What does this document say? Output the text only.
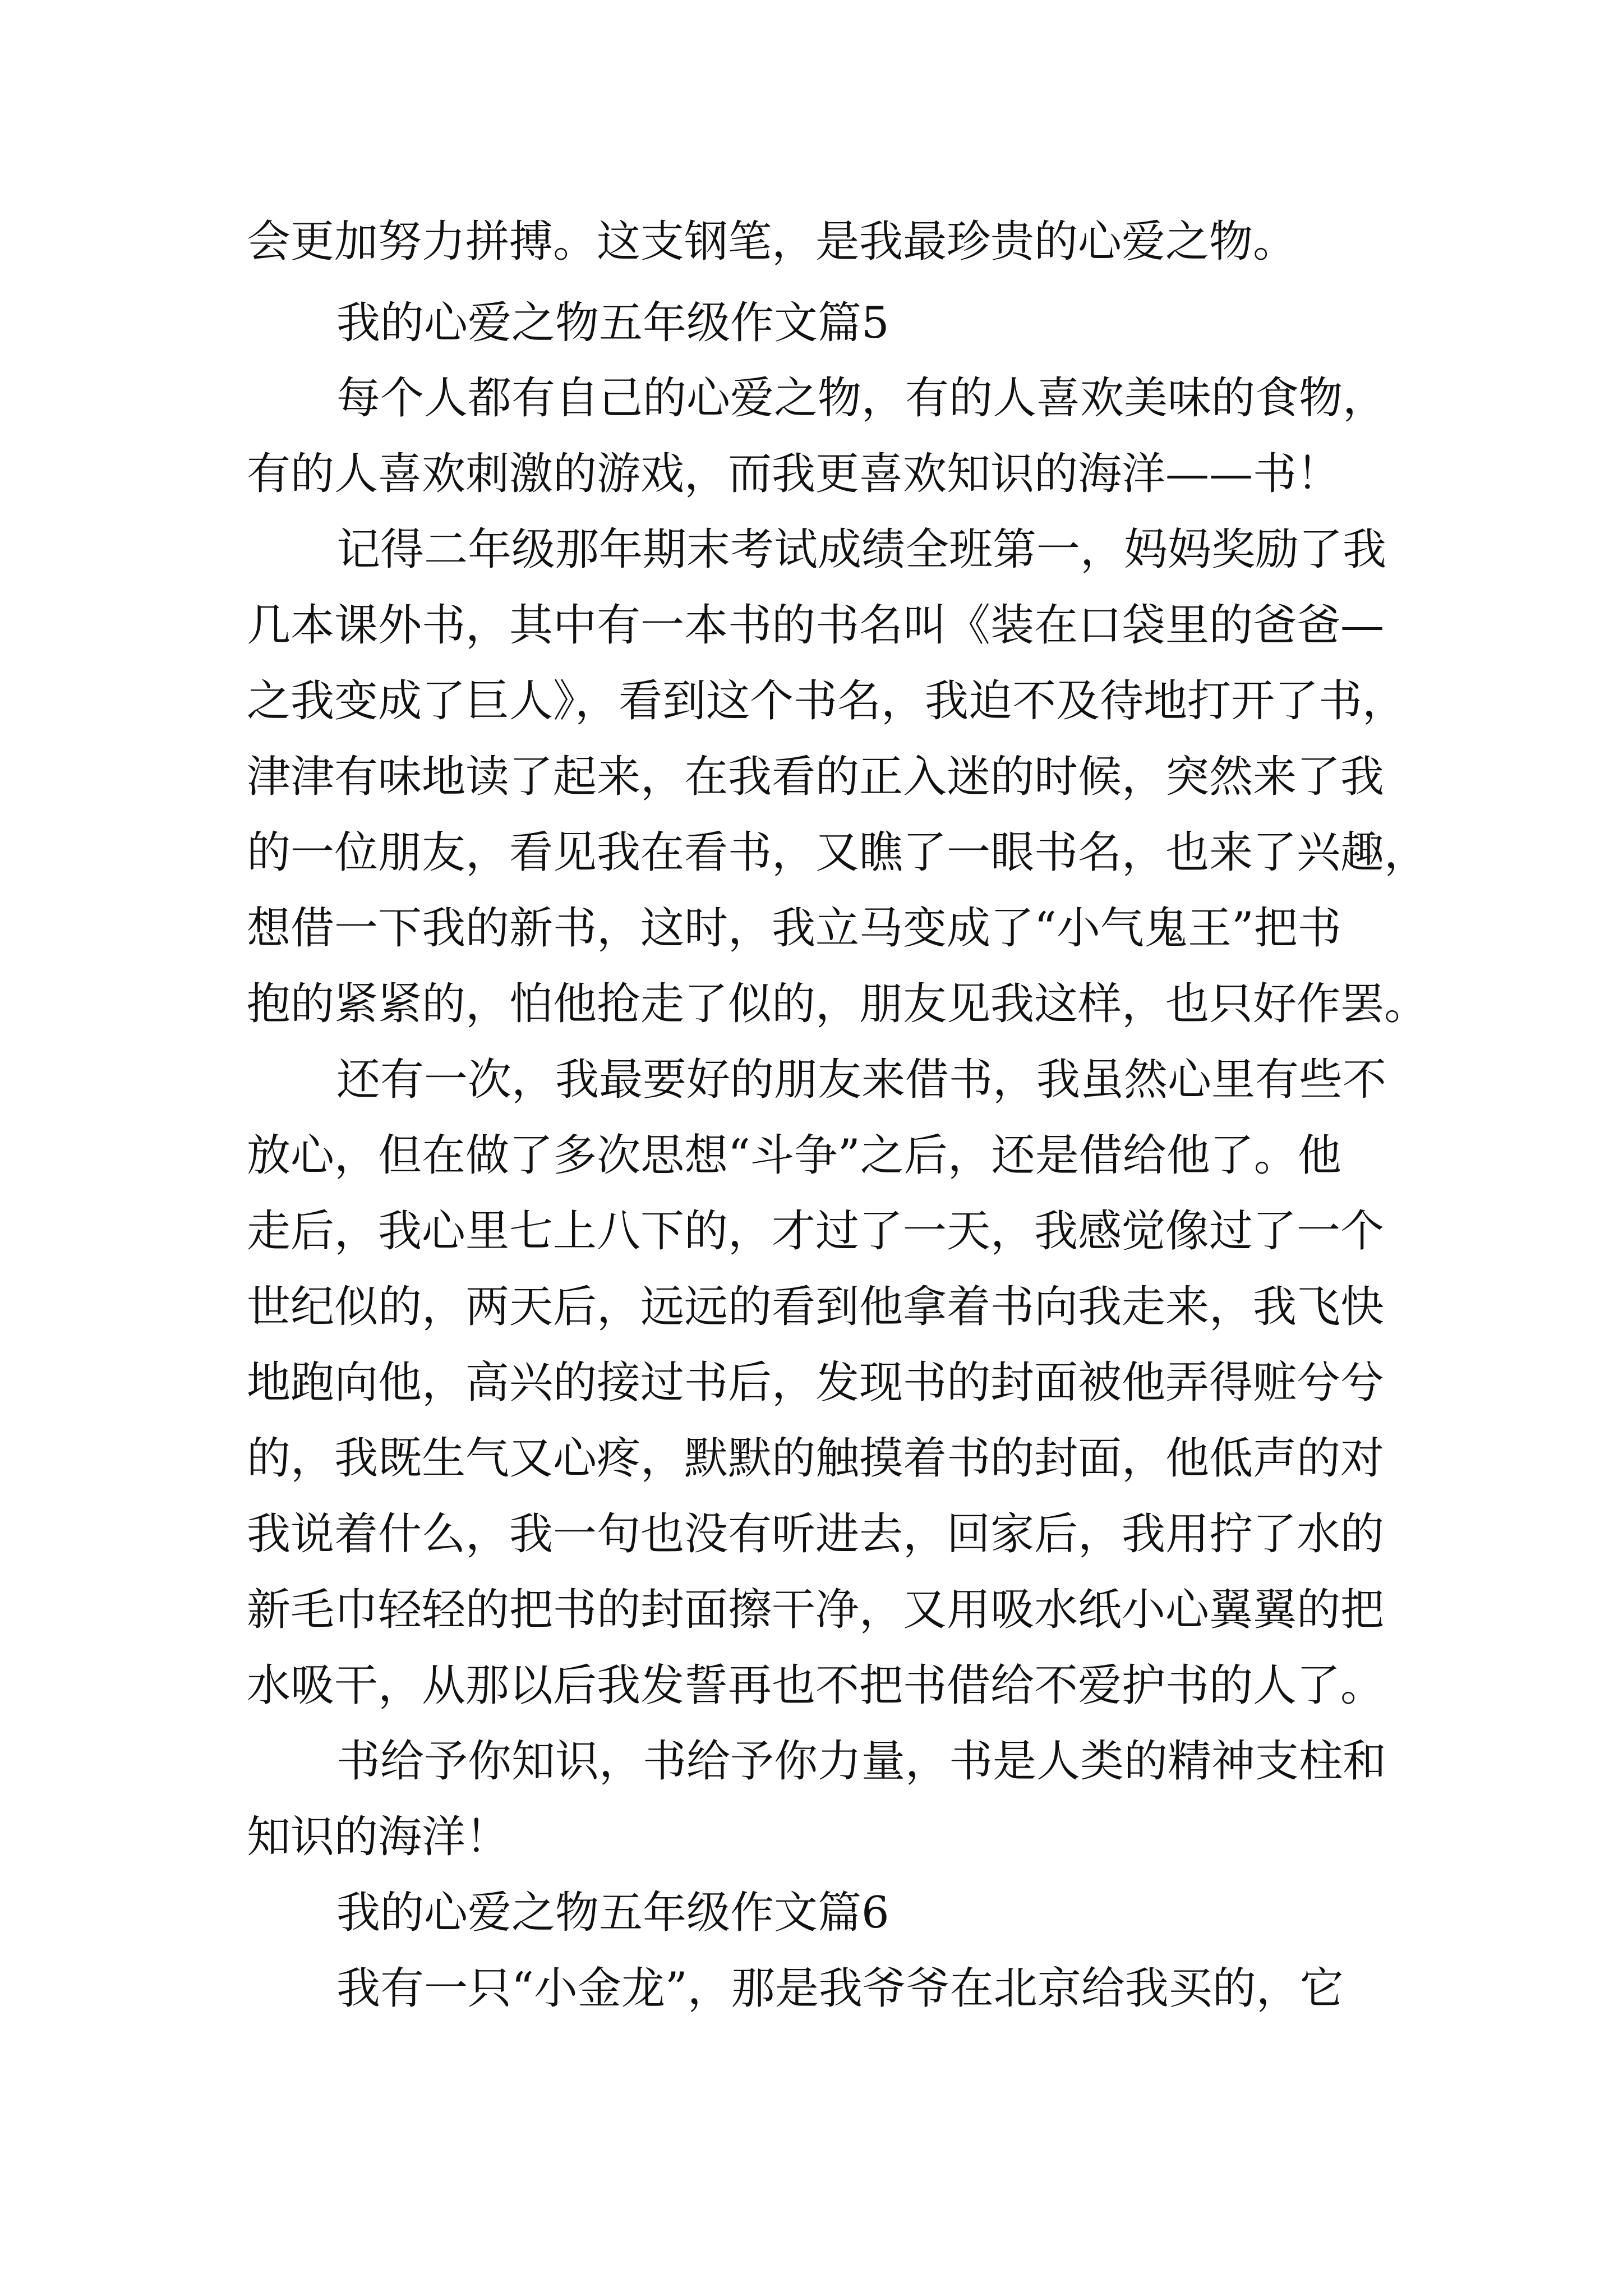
会更加努力拼搏。这支钢笔，是我最珍贵的心爱之物。
我的心爱之物五年级作文篇5
每个人都有自己的心爱之物，有的人喜欢美味的食物，
有的人喜欢刺激的游戏，而我更喜欢知识的海洋——书！
记得二年级那年期末考试成绩全班第一，妈妈奖励了我
几本课外书，其中有一本书的书名叫《装在口袋里的爸爸—
之我变成了巨人》，看到这个书名，我迫不及待地打开了书，
津津有味地读了起来，在我看的正入迷的时候，突然来了我
的一位朋友，看见我在看书，又瞧了一眼书名，也来了兴趣，
想借一下我的新书，这时，我立马变成了“小气鬼王”把书
抱的紧紧的，怕他抢走了似的，朋友见我这样，也只好作罢。
还有一次，我最要好的朋友来借书，我虽然心里有些不
放心，但在做了多次思想“斗争”之后，还是借给他了。他
走后，我心里七上八下的，才过了一天，我感觉像过了一个
世纪似的，两天后，远远的看到他拿着书向我走来，我飞快
地跑向他，高兴的接过书后，发现书的封面被他弄得赃兮兮
的，我既生气又心疼，默默的触摸着书的封面，他低声的对
我说着什么，我一句也没有听进去，回家后，我用拧了水的
新毛巾轻轻的把书的封面擦干净，又用吸水纸小心翼翼的把
水吸干，从那以后我发誓再也不把书借给不爱护书的人了。
书给予你知识，书给予你力量，书是人类的精神支柱和
知识的海洋！
我的心爱之物五年级作文篇6
我有一只“小金龙”，那是我爷爷在北京给我买的，它
